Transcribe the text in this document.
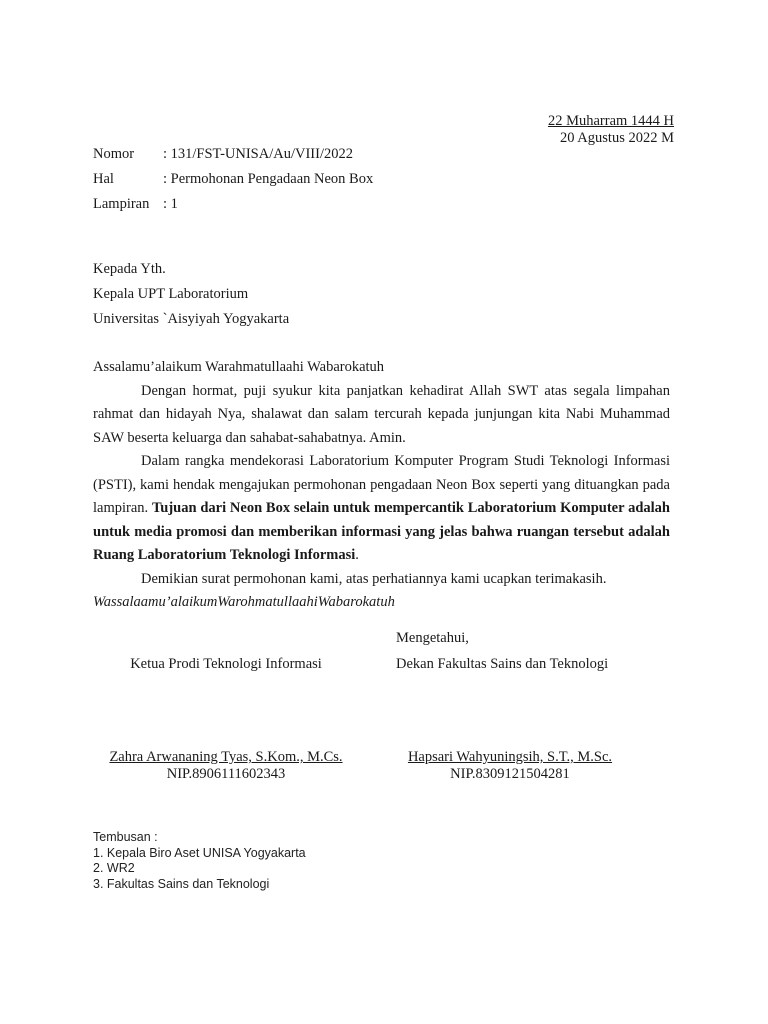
22 Muharram 1444 H
20 Agustus 2022 M
Nomor : 131/FST-UNISA/Au/VIII/2022
Hal	: Permohonan Pengadaan Neon Box
Lampiran : 1
Kepada Yth.
Kepala UPT Laboratorium
Universitas `Aisyiyah Yogyakarta

Assalamu’alaikum Warahmatullaahi Wabarokatuh

Dengan hormat, puji syukur kita panjatkan kehadirat Allah SWT atas segala limpahan rahmat dan hidayah Nya, shalawat dan salam tercurah kepada junjungan kita Nabi Muhammad SAW beserta keluarga dan sahabat-sahabatnya. Amin.

Dalam rangka mendekorasi Laboratorium Komputer Program Studi Teknologi Informasi (PSTI), kami hendak mengajukan permohonan pengadaan Neon Box seperti yang dituangkan pada lampiran. Tujuan dari Neon Box selain untuk mempercantik Laboratorium Komputer adalah untuk media promosi dan memberikan informasi yang jelas bahwa ruangan tersebut adalah Ruang Laboratorium Teknologi Informasi.

Demikian surat permohonan kami, atas perhatiannya kami ucapkan terimakasih.

Wassalaamu’alaikumWarohmatullaahiWabarokatuh

Mengetahui,
Ketua Prodi Teknologi Informasi	Dekan Fakultas Sains dan Teknologi
Zahra Arwananing Tyas, S.Kom., M.Cs.
NIP.8906111602343
Hapsari Wahyuningsih, S.T., M.Sc.
NIP.8309121504281
Tembusan :
1. Kepala Biro Aset UNISA Yogyakarta
2. WR2
3. Fakultas Sains dan Teknologi
